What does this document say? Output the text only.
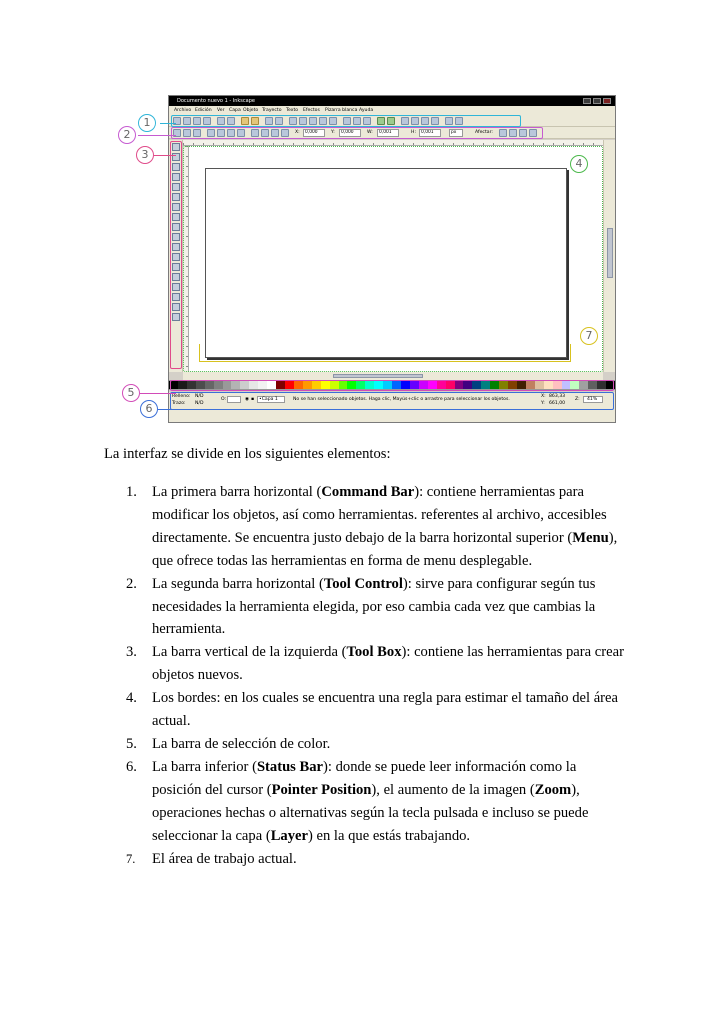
Documento nuevo 1 - Inkscape
Archivo Edición Ver Capa Objeto Trayecto Texto Efectos Pizarra blanca Ayuda
X:	0,000	Y:	0,000	W:	0,001	H:	0,001	px	Afectar:
Relleno: N/D
Trazo: N/D
O:	◉ ▪ •Capa 1	No se han seleccionado objetos. Haga clic, Mayús+clic o arrastre para seleccionar los objetos.
X: 863,33
Y: 661,00
Z: 41%
1
2
3
4
5
6
7
La interfaz se divide en los siguientes elementos:
1. La primera barra horizontal (Command Bar): contiene herramientas para
modificar los objetos, así como herramientas. referentes al archivo, accesibles
directamente. Se encuentra justo debajo de la barra horizontal superior (Menu),
que ofrece todas las herramientas en forma de menu desplegable.
2. La segunda barra horizontal (Tool Control): sirve para configurar según tus
necesidades la herramienta elegida, por eso cambia cada vez que cambias la
herramienta.
3. La barra vertical de la izquierda (Tool Box): contiene las herramientas para crear
objetos nuevos.
4. Los bordes: en los cuales se encuentra una regla para estimar el tamaño del área
actual.
5. La barra de selección de color.
6. La barra inferior (Status Bar): donde se puede leer información como la
posición del cursor (Pointer Position), el aumento de la imagen (Zoom),
operaciones hechas o alternativas según la tecla pulsada e incluso se puede
seleccionar la capa (Layer) en la que estás trabajando.
7. El área de trabajo actual.
